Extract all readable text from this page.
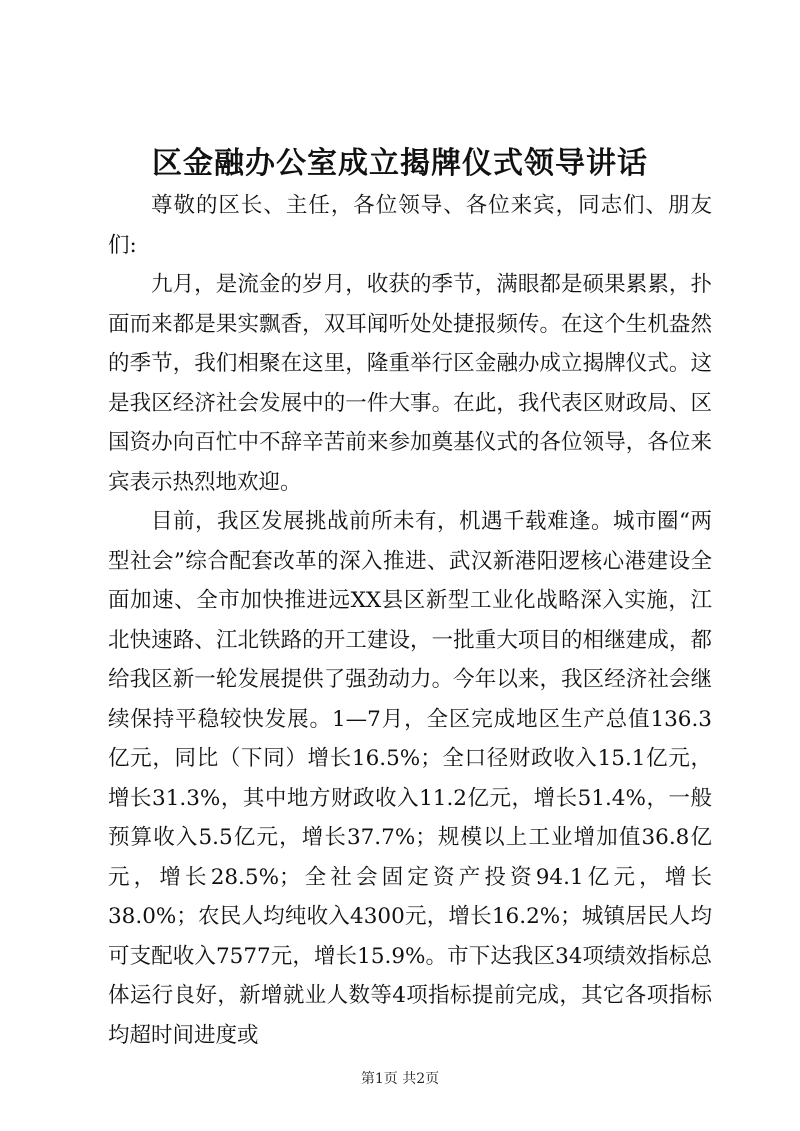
区金融办公室成立揭牌仪式领导讲话

尊敬的区长、主任，各位领导、各位来宾，同志们、朋友们:

九月，是流金的岁月，收获的季节，满眼都是硕果累累，扑面而来都是果实飘香，双耳闻听处处捷报频传。在这个生机盎然的季节，我们相聚在这里，隆重举行区金融办成立揭牌仪式。这是我区经济社会发展中的一件大事。在此，我代表区财政局、区国资办向百忙中不辞辛苦前来参加奠基仪式的各位领导，各位来宾表示热烈地欢迎。

目前，我区发展挑战前所未有，机遇千载难逢。城市圈“两型社会”综合配套改革的深入推进、武汉新港阳逻核心港建设全面加速、全市加快推进远XX县区新型工业化战略深入实施，江北快速路、江北铁路的开工建设，一批重大项目的相继建成，都给我区新一轮发展提供了强劲动力。今年以来，我区经济社会继续保持平稳较快发展。1—7月，全区完成地区生产总值136.3亿元，同比（下同）增长16.5%；全口径财政收入15.1亿元，增长31.3%，其中地方财政收入11.2亿元，增长51.4%，一般预算收入5.5亿元，增长37.7%；规模以上工业增加值36.8亿元，增长28.5%；全社会固定资产投资94.1亿元，增长38.0%；农民人均纯收入4300元，增长16.2%；城镇居民人均可支配收入7577元，增长15.9%。市下达我区34项绩效指标总体运行良好，新增就业人数等4项指标提前完成，其它各项指标均超时间进度或

第1页 共2页
